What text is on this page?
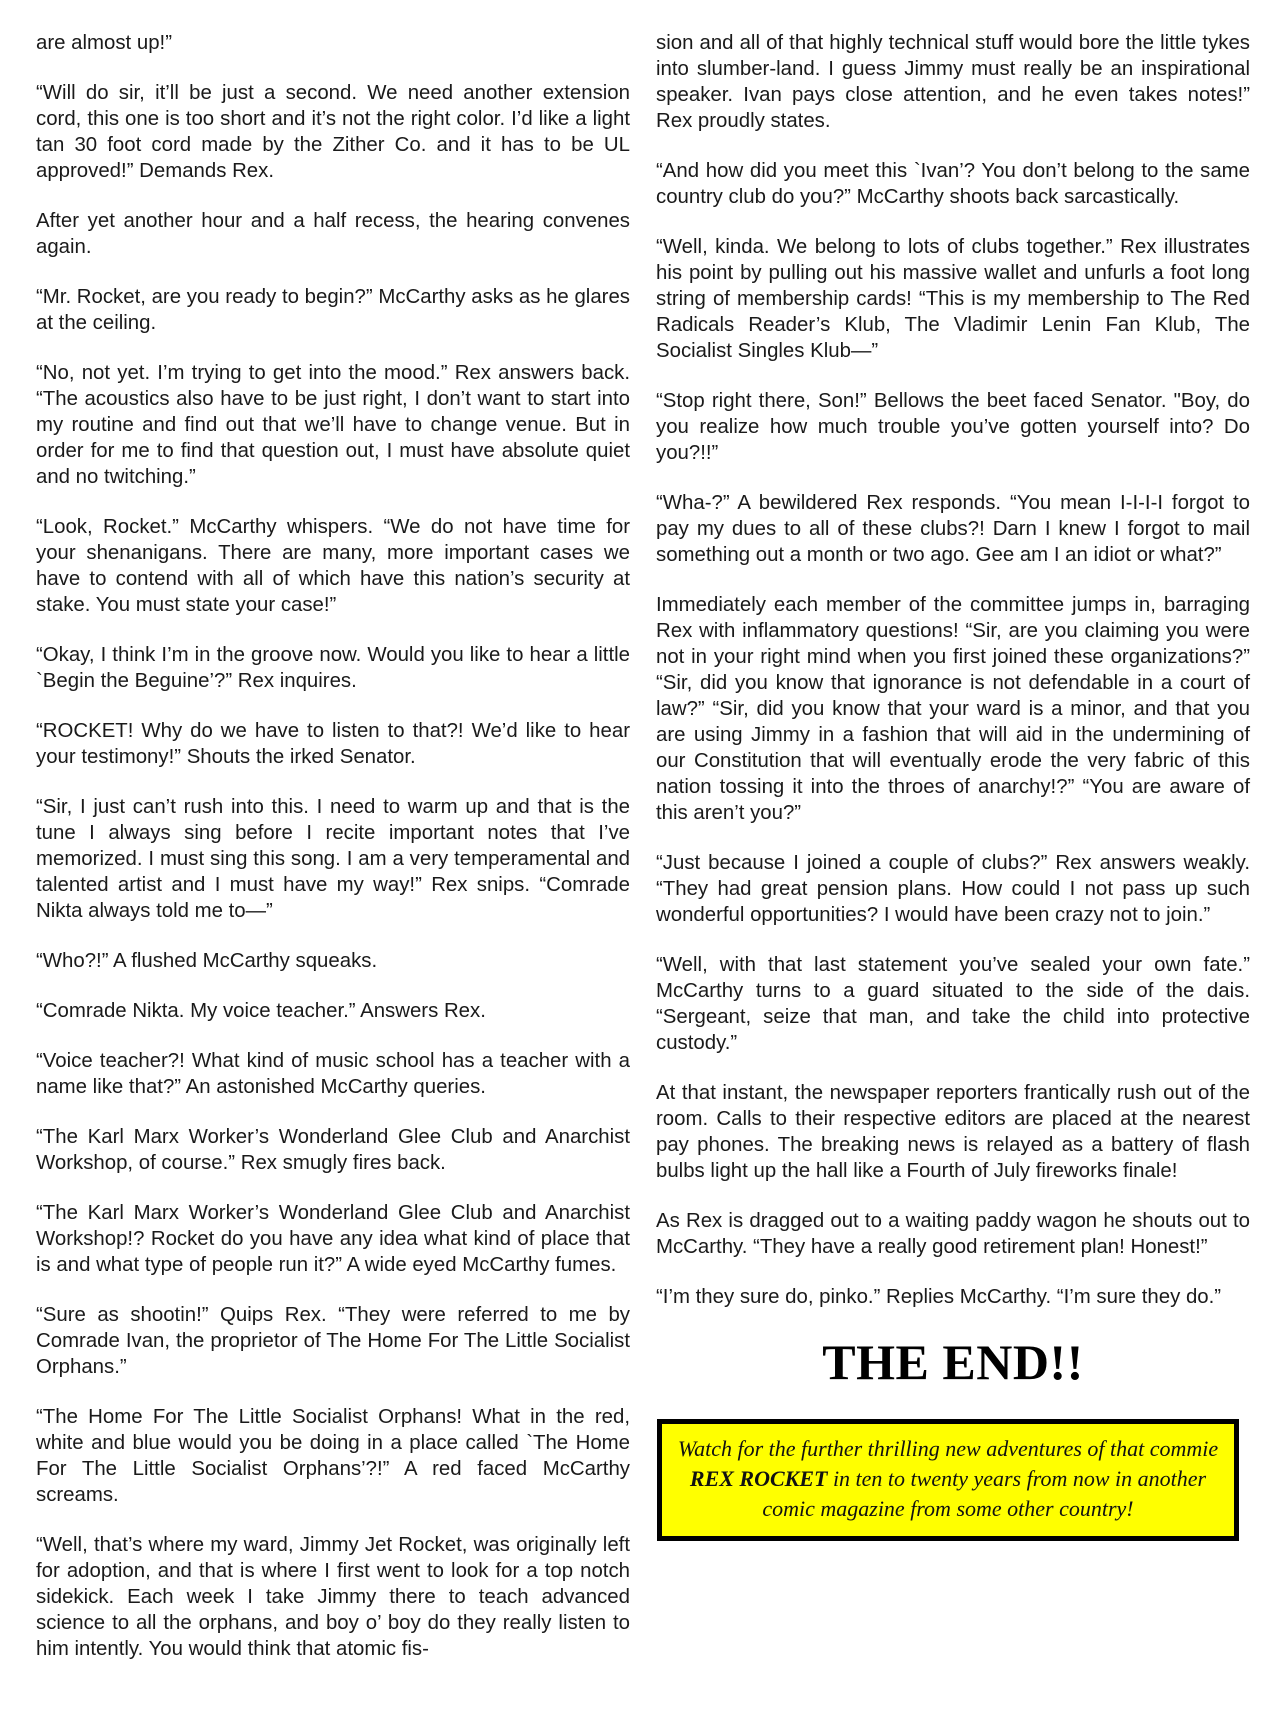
are almost up!”

“Will do sir, it’ll be just a second. We need another extension cord, this one is too short and it’s not the right color. I’d like a light tan 30 foot cord made by the Zither Co. and it has to be UL approved!” Demands Rex.

After yet another hour and a half recess, the hearing convenes again.

“Mr. Rocket, are you ready to begin?” McCarthy asks as he glares at the ceiling.

“No, not yet. I’m trying to get into the mood.” Rex answers back. “The acoustics also have to be just right, I don’t want to start into my routine and find out that we’ll have to change venue. But in order for me to find that question out, I must have absolute quiet and no twitching.”

“Look, Rocket.” McCarthy whispers. “We do not have time for your shenanigans. There are many, more important cases we have to contend with all of which have this nation’s security at stake. You must state your case!”

“Okay, I think I’m in the groove now. Would you like to hear a little `Begin the Beguine’?” Rex inquires.

“ROCKET! Why do we have to listen to that?! We’d like to hear your testimony!” Shouts the irked Senator.

“Sir, I just can’t rush into this. I need to warm up and that is the tune I always sing before I recite important notes that I’ve memorized. I must sing this song. I am a very temperamental and talented artist and I must have my way!” Rex snips. “Comrade Nikta always told me to—”

“Who?!” A flushed McCarthy squeaks.

“Comrade Nikta. My voice teacher.” Answers Rex.

“Voice teacher?! What kind of music school has a teacher with a name like that?” An astonished McCarthy queries.

“The Karl Marx Worker’s Wonderland Glee Club and Anarchist Workshop, of course.” Rex smugly fires back.

“The Karl Marx Worker’s Wonderland Glee Club and Anarchist Workshop!? Rocket do you have any idea what kind of place that is and what type of people run it?” A wide eyed McCarthy fumes.

“Sure as shootin!” Quips Rex. “They were referred to me by Comrade Ivan, the proprietor of The Home For The Little Socialist Orphans.”

“The Home For The Little Socialist Orphans! What in the red, white and blue would you be doing in a place called `The Home For The Little Socialist Orphans’?!” A red faced McCarthy screams.

“Well, that’s where my ward, Jimmy Jet Rocket, was originally left for adoption, and that is where I first went to look for a top notch sidekick. Each week I take Jimmy there to teach advanced science to all the orphans, and boy o’ boy do they really listen to him intently. You would think that atomic fis-

sion and all of that highly technical stuff would bore the little tykes into slumber-land. I guess Jimmy must really be an inspirational speaker. Ivan pays close attention, and he even takes notes!” Rex proudly states.

“And how did you meet this `Ivan’? You don’t belong to the same country club do you?” McCarthy shoots back sarcastically.

“Well, kinda. We belong to lots of clubs together.” Rex illustrates his point by pulling out his massive wallet and unfurls a foot long string of membership cards! “This is my membership to The Red Radicals Reader’s Klub, The Vladimir Lenin Fan Klub, The Socialist Singles Klub—”

“Stop right there, Son!” Bellows the beet faced Senator. "Boy, do you realize how much trouble you’ve gotten yourself into? Do you?!!”

“Wha-?” A bewildered Rex responds. “You mean I-I-I-I forgot to pay my dues to all of these clubs?! Darn I knew I forgot to mail something out a month or two ago. Gee am I an idiot or what?”

Immediately each member of the committee jumps in, barraging Rex with inflammatory questions! “Sir, are you claiming you were not in your right mind when you first joined these organizations?” “Sir, did you know that ignorance is not defendable in a court of law?” “Sir, did you know that your ward is a minor, and that you are using Jimmy in a fashion that will aid in the undermining of our Constitution that will eventually erode the very fabric of this nation tossing it into the throes of anarchy!?” “You are aware of this aren’t you?”

“Just because I joined a couple of clubs?” Rex answers weakly. “They had great pension plans. How could I not pass up such wonderful opportunities? I would have been crazy not to join.”

“Well, with that last statement you’ve sealed your own fate.” McCarthy turns to a guard situated to the side of the dais. “Sergeant, seize that man, and take the child into protective custody.”

At that instant, the newspaper reporters frantically rush out of the room. Calls to their respective editors are placed at the nearest pay phones. The breaking news is relayed as a battery of flash bulbs light up the hall like a Fourth of July fireworks finale!

As Rex is dragged out to a waiting paddy wagon he shouts out to McCarthy. “They have a really good retirement plan! Honest!”

“I’m they sure do, pinko.” Replies McCarthy. “I’m sure they do.”

THE END!!
Watch for the further thrilling new adventures of that commie REX ROCKET in ten to twenty years from now in another comic magazine from some other country!
